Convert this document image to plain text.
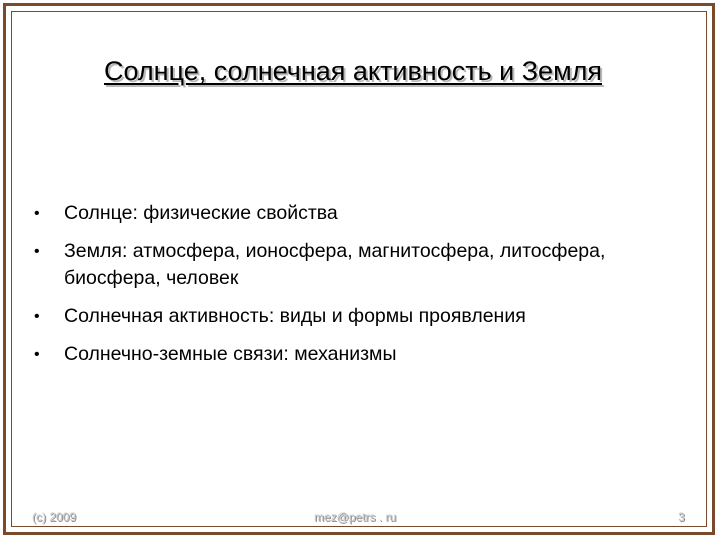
Солнце, солнечная активность и Земля
•	Солнце: физические свойства
•	Земля: атмосфера, ионосфера, магнитосфера, литосфера, биосфера, человек
•	Солнечная активность: виды и формы проявления
•	Солнечно-земные связи: механизмы
(c) 2009	mez@petrs . ru	3
